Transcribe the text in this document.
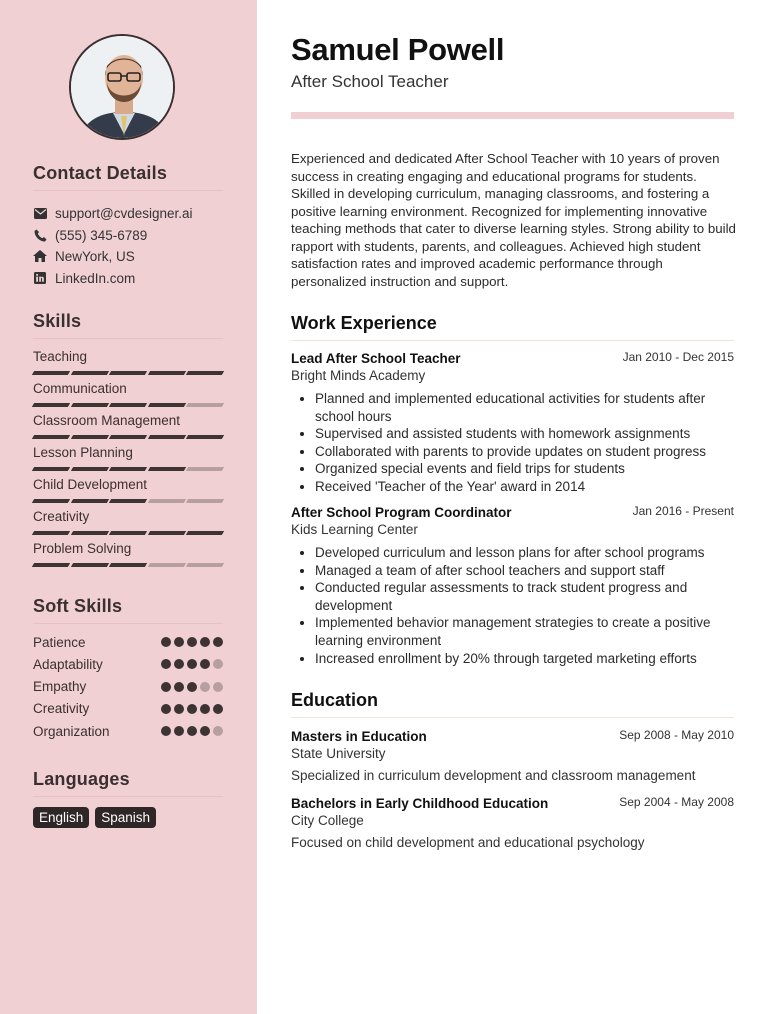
Contact Details
support@cvdesigner.ai
(555) 345-6789
NewYork, US
LinkedIn.com
Skills
Teaching
Communication
Classroom Management
Lesson Planning
Child Development
Creativity
Problem Solving
Soft Skills
Patience
Adaptability
Empathy
Creativity
Organization
Languages
English	Spanish
Samuel Powell
After School Teacher
Experienced and dedicated After School Teacher with 10 years of proven success in creating engaging and educational programs for students. Skilled in developing curriculum, managing classrooms, and fostering a positive learning environment. Recognized for implementing innovative teaching methods that cater to diverse learning styles. Strong ability to build rapport with students, parents, and colleagues. Achieved high student satisfaction rates and improved academic performance through personalized instruction and support.
Work Experience
Lead After School Teacher	Jan 2010 - Dec 2015
Bright Minds Academy
Planned and implemented educational activities for students after school hours
Supervised and assisted students with homework assignments
Collaborated with parents to provide updates on student progress
Organized special events and field trips for students
Received 'Teacher of the Year' award in 2014
After School Program Coordinator	Jan 2016 - Present
Kids Learning Center
Developed curriculum and lesson plans for after school programs
Managed a team of after school teachers and support staff
Conducted regular assessments to track student progress and development
Implemented behavior management strategies to create a positive learning environment
Increased enrollment by 20% through targeted marketing efforts
Education
Masters in Education	Sep 2008 - May 2010
State University
Specialized in curriculum development and classroom management
Bachelors in Early Childhood Education	Sep 2004 - May 2008
City College
Focused on child development and educational psychology
